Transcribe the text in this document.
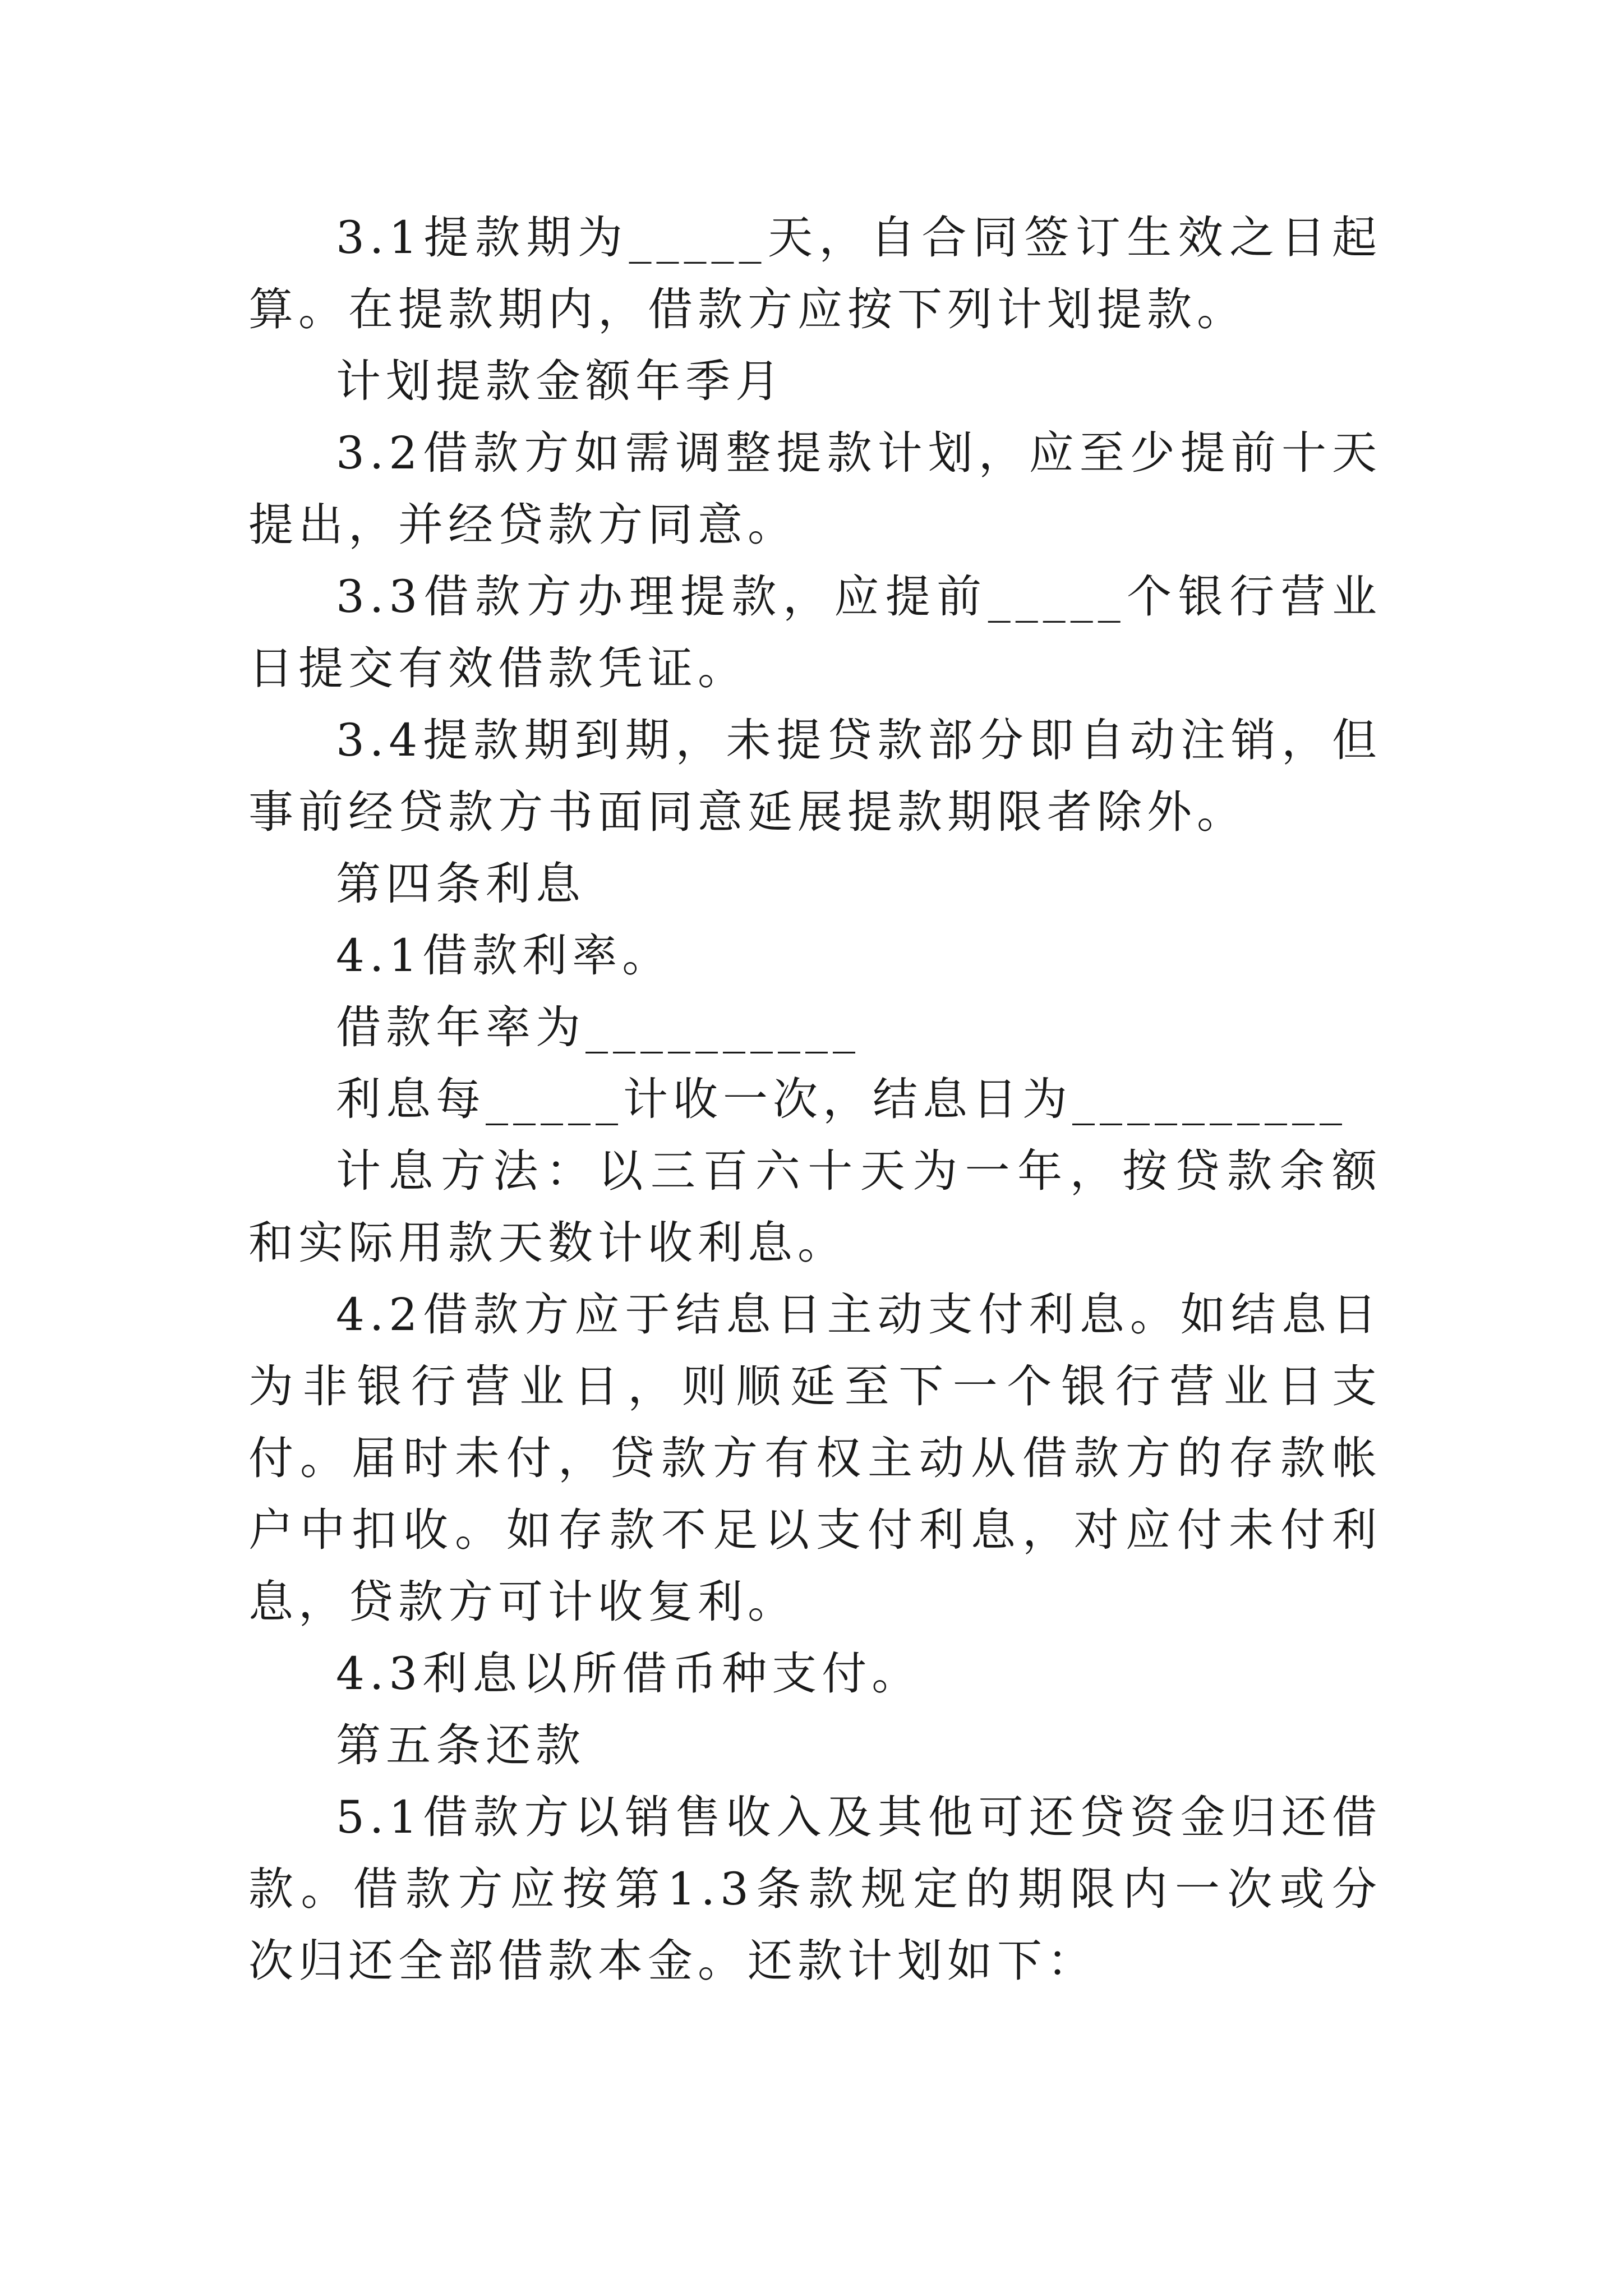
3.1提款期为_____天，自合同签订生效之日起算。在提款期内，借款方应按下列计划提款。

计划提款金额年季月

3.2借款方如需调整提款计划，应至少提前十天提出，并经贷款方同意。

3.3借款方办理提款，应提前_____个银行营业日提交有效借款凭证。

3.4提款期到期，未提贷款部分即自动注销，但事前经贷款方书面同意延展提款期限者除外。

第四条利息

4.1借款利率。

借款年率为__________

利息每_____计收一次，结息日为__________

计息方法：以三百六十天为一年，按贷款余额和实际用款天数计收利息。

4.2借款方应于结息日主动支付利息。如结息日为非银行营业日，则顺延至下一个银行营业日支付。届时未付，贷款方有权主动从借款方的存款帐户中扣收。如存款不足以支付利息，对应付未付利息，贷款方可计收复利。

4.3利息以所借币种支付。

第五条还款

5.1借款方以销售收入及其他可还贷资金归还借款。借款方应按第1.3条款规定的期限内一次或分次归还全部借款本金。还款计划如下：
